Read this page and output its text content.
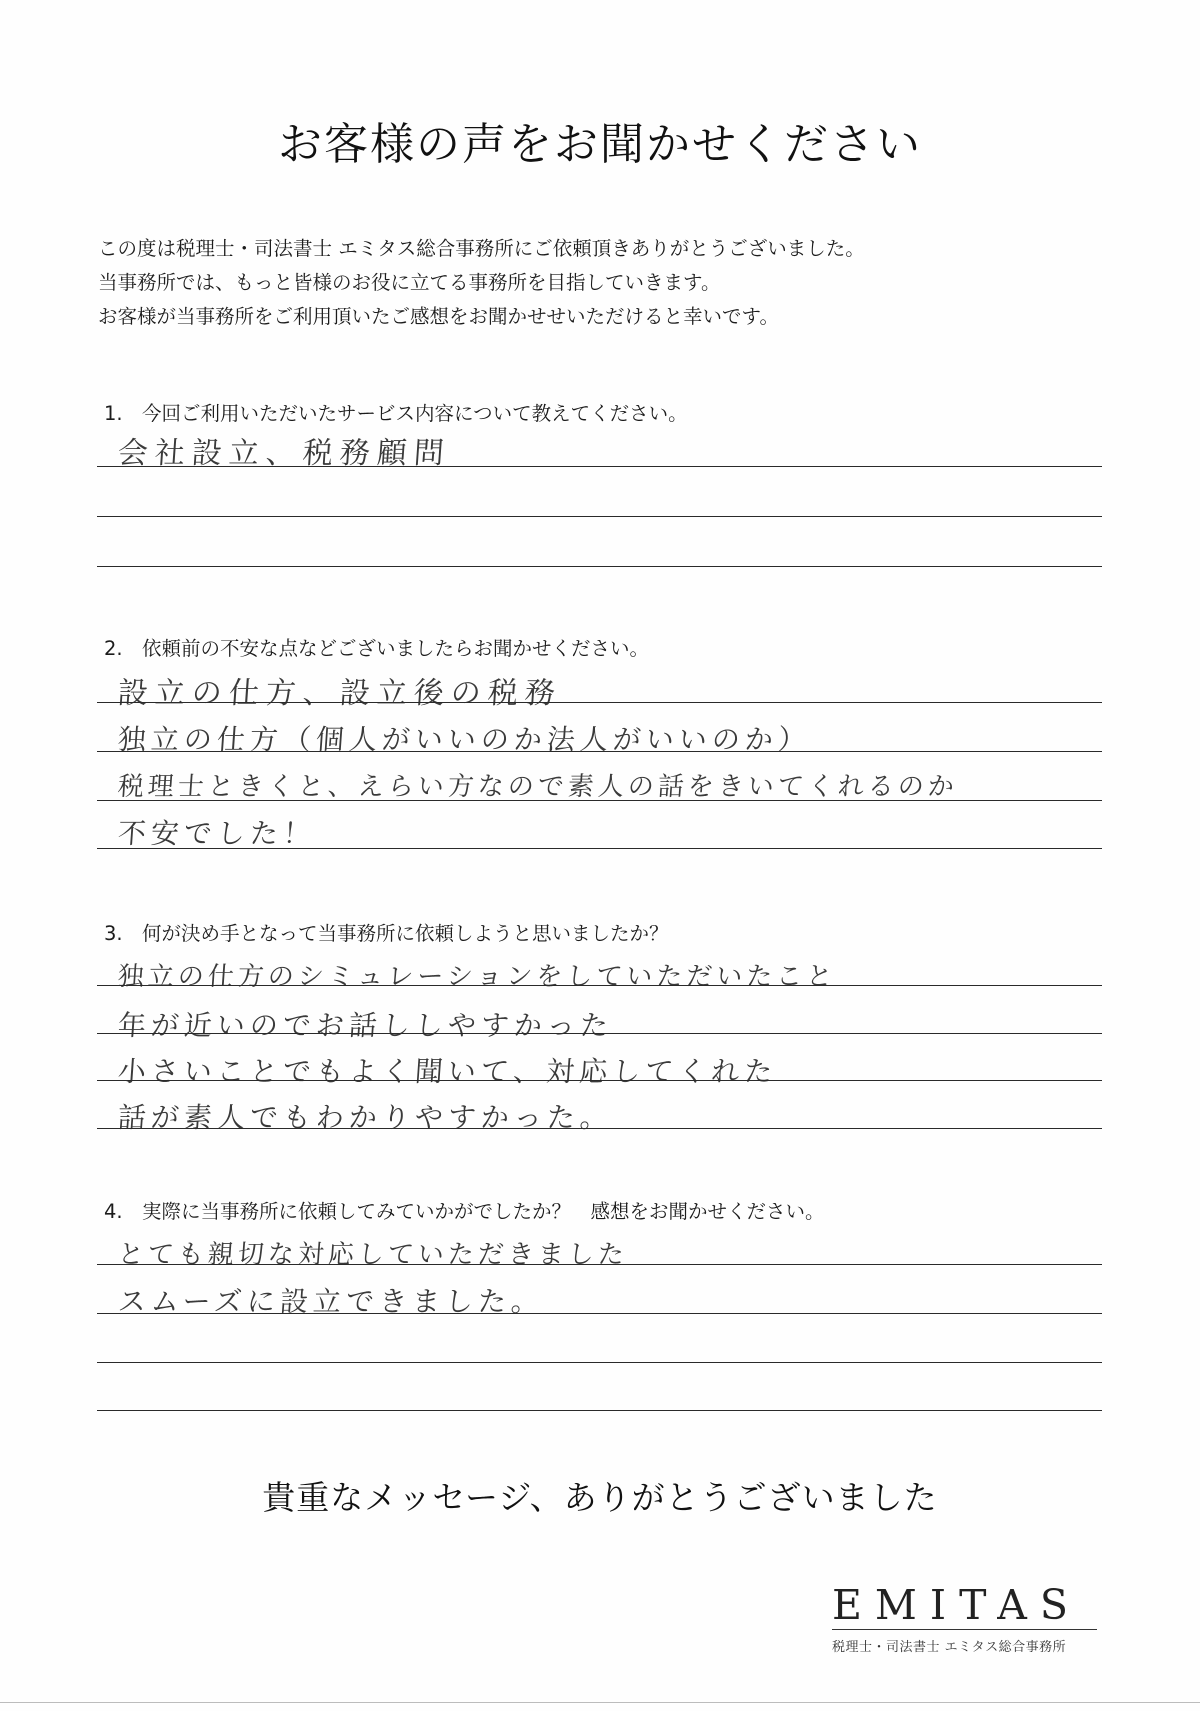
お客様の声をお聞かせください

この度は税理士・司法書士 エミタス総合事務所にご依頼頂きありがとうございました。

当事務所では、もっと皆様のお役に立てる事務所を目指していきます。

お客様が当事務所をご利用頂いたご感想をお聞かせせいただけると幸いです。

1. 今回ご利用いただいたサービス内容について教えてください。
会社設立、税務顧問
2. 依頼前の不安な点などございましたらお聞かせください。
設立の仕方、設立後の税務
独立の仕方（個人がいいのか法人がいいのか）
税理士ときくと、えらい方なので素人の話をきいてくれるのか
不安でした！
3. 何が決め手となって当事務所に依頼しようと思いましたか？
独立の仕方のシミュレーションをしていただいたこと
年が近いのでお話ししやすかった
小さいことでもよく聞いて、対応してくれた
話が素人でもわかりやすかった。
4. 実際に当事務所に依頼してみていかがでしたか？　感想をお聞かせください。
とても親切な対応していただきました
スムーズに設立できました。
貴重なメッセージ、ありがとうございました
EMITAS
税理士・司法書士 エミタス総合事務所
